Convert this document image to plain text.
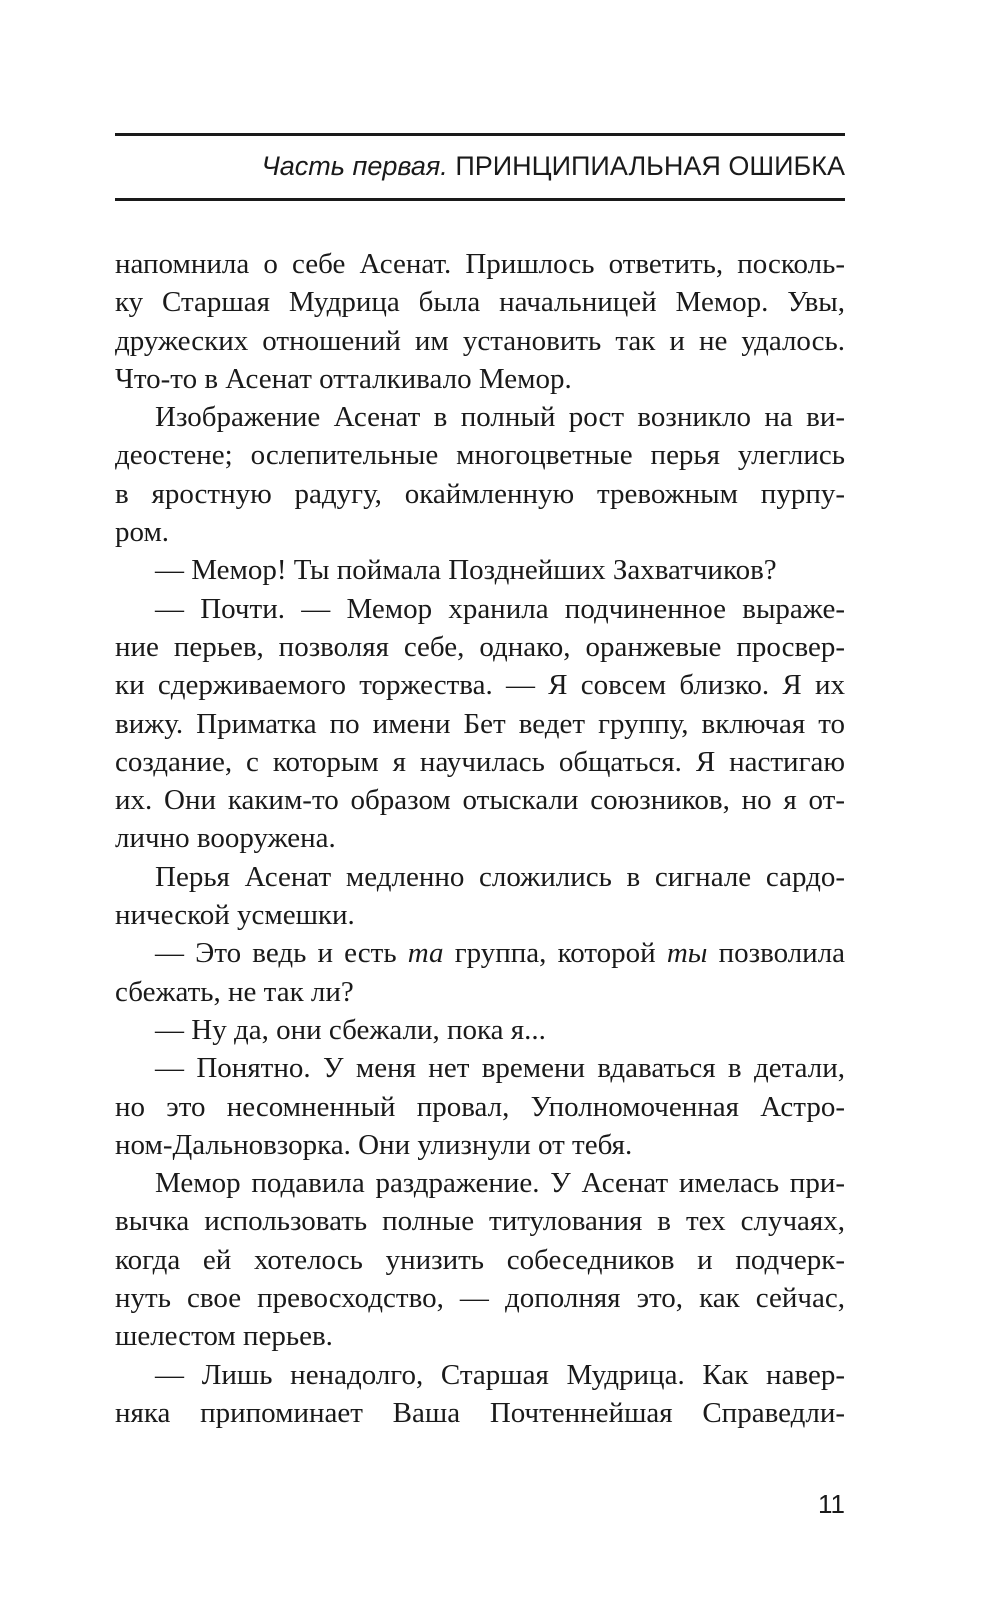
Часть первая. ПРИНЦИПИАЛЬНАЯ ОШИБКА
напомнила о себе Асенат. Пришлось ответить, посколь-
ку Старшая Мудрица была начальницей Мемор. Увы,
дружеских отношений им установить так и не удалось.
Что-то в Асенат отталкивало Мемор.
Изображение Асенат в полный рост возникло на ви-
деостене; ослепительные многоцветные перья улеглись
в яростную радугу, окаймленную тревожным пурпу-
ром.
— Мемор! Ты поймала Позднейших Захватчиков?
— Почти. — Мемор хранила подчиненное выраже-
ние перьев, позволяя себе, однако, оранжевые просвер-
ки сдерживаемого торжества. — Я совсем близко. Я их
вижу. Приматка по имени Бет ведет группу, включая то
создание, с которым я научилась общаться. Я настигаю
их. Они каким-то образом отыскали союзников, но я от-
лично вооружена.
Перья Асенат медленно сложились в сигнале сардо-
нической усмешки.
— Это ведь и есть та группа, которой ты позволила
сбежать, не так ли?
— Ну да, они сбежали, пока я...
— Понятно. У меня нет времени вдаваться в детали,
но это несомненный провал, Уполномоченная Астро-
ном-Дальновзорка. Они улизнули от тебя.
Мемор подавила раздражение. У Асенат имелась при-
вычка использовать полные титулования в тех случаях,
когда ей хотелось унизить собеседников и подчерк-
нуть свое превосходство, — дополняя это, как сейчас,
шелестом перьев.
— Лишь ненадолго, Старшая Мудрица. Как навер-
няка припоминает Ваша Почтеннейшая Справедли-
11
